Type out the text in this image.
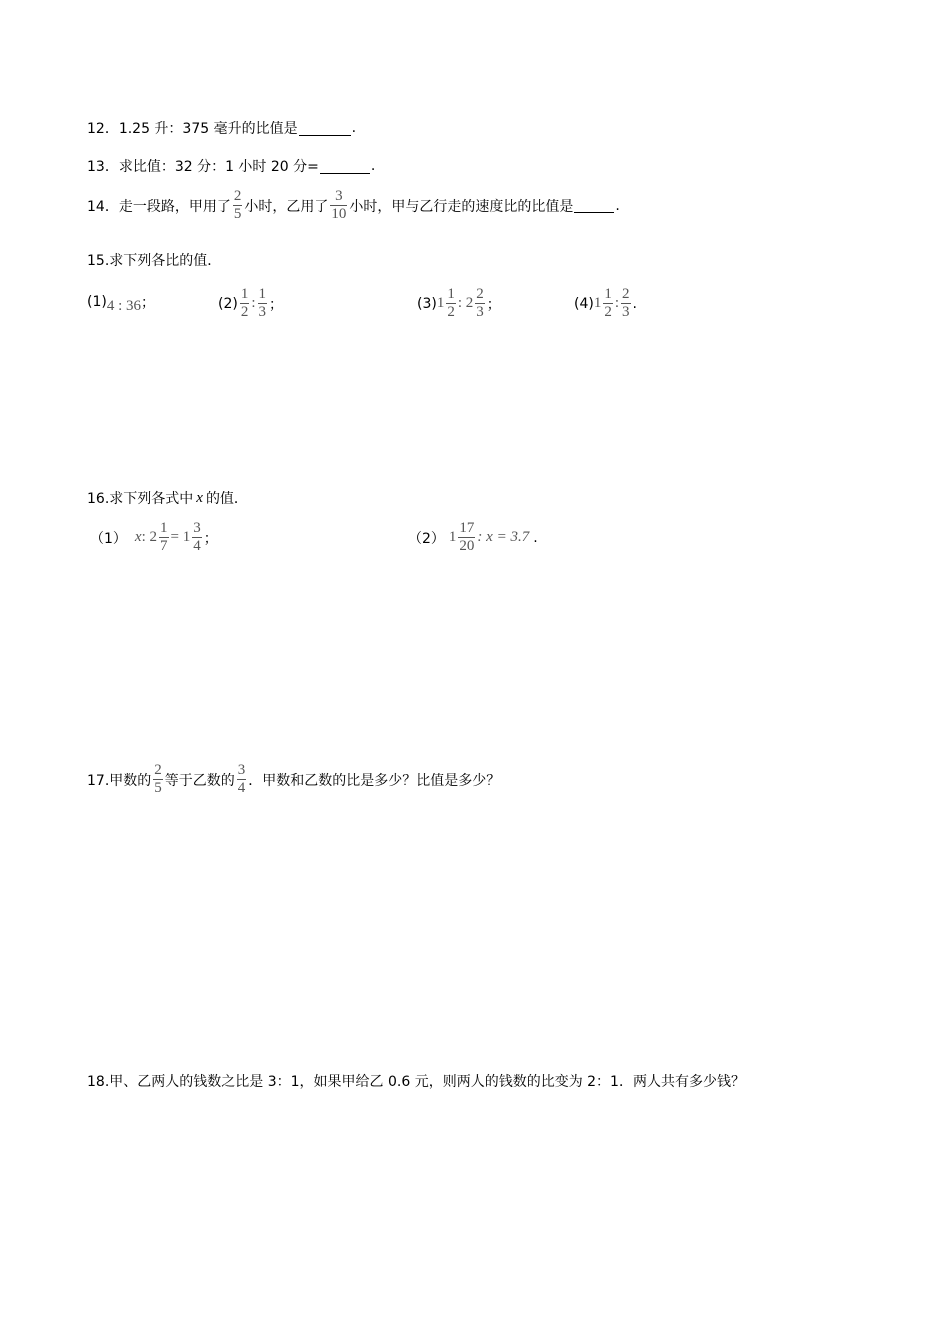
12．1.25 升：375 毫升的比值是	.
13．求比值：32 分：1 小时 20 分=	.
14．走一段路，甲用了 $\frac{2}{5}$ 小时，乙用了 $\frac{3}{10}$ 小时，甲与乙行走的速度比的比值是	.
15.求下列各比的值．
(1) 4 : 36 ；	$(2) \frac{1}{2}$ : $\frac{1}{3}$ ；	(3) $1 \frac{1}{2}$ : $2 \frac{2}{3}$ ；	(4) $1 \frac{1}{2}$ : $\frac{2}{3}$ .
16.求下列各式中 x 的值．
（1） x : $2 \frac{1}{7} = 1 \frac{3}{4}$ ；	（2） $1 \frac{17}{20}$ : x = 3.7 .
17.甲数的 $\frac{2}{5}$ 等于乙数的 $\frac{3}{4}$ ．甲数和乙数的比是多少？比值是多少？
18.甲、乙两人的钱数之比是 3：1，如果甲给乙 0.6 元，则两人的钱数的比变为 2：1．两人共有多少钱？
